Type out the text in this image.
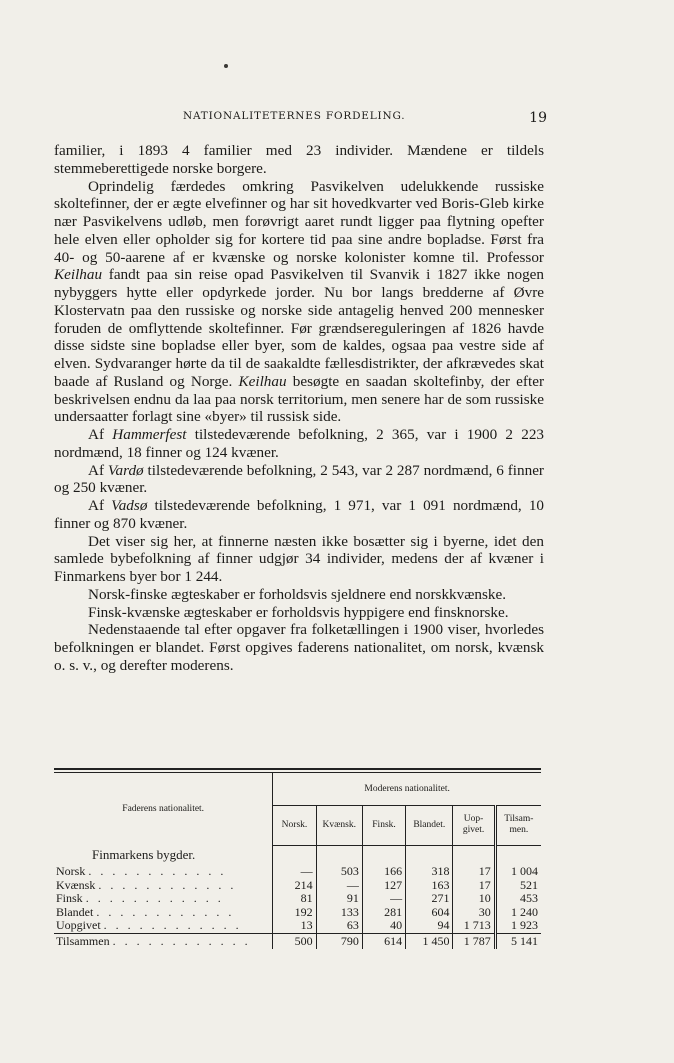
NATIONALITETERNES FORDELING.	19

familier, i 1893 4 familier med 23 individer. Mændene er tildels stemmeberettigede norske borgere.

Oprindelig færdedes omkring Pasvikelven udelukkende russiske skoltefinner, der er ægte elvefinner og har sit hovedkvarter ved Boris-Gleb kirke nær Pasvikelvens udløb, men forøvrigt aaret rundt ligger paa flytning opefter hele elven eller opholder sig for kortere tid paa sine andre bopladse. Først fra 40- og 50-aarene af er kvænske og norske kolonister komne til. Professor Keilhau fandt paa sin reise opad Pasvikelven til Svanvik i 1827 ikke nogen nybyggers hytte eller opdyrkede jorder. Nu bor langs bredderne af Øvre Klostervatn paa den russiske og norske side antagelig henved 200 mennesker foruden de omflyttende skoltefinner. Før grændsereguleringen af 1826 havde disse sidste sine bopladse eller byer, som de kaldes, ogsaa paa vestre side af elven. Sydvaranger hørte da til de saakaldte fællesdistrikter, der afkrævedes skat baade af Rusland og Norge. Keilhau besøgte en saadan skoltefinby, der efter beskrivelsen endnu da laa paa norsk territorium, men senere har de som russiske undersaatter forlagt sine «byer» til russisk side.

Af Hammerfest tilstedeværende befolkning, 2 365, var i 1900 2 223 nordmænd, 18 finner og 124 kvæner.

Af Vardø tilstedeværende befolkning, 2 543, var 2 287 nordmænd, 6 finner og 250 kvæner.

Af Vadsø tilstedeværende befolkning, 1 971, var 1 091 nordmænd, 10 finner og 870 kvæner.

Det viser sig her, at finnerne næsten ikke bosætter sig i byerne, idet den samlede bybefolkning af finner udgjør 34 individer, medens der af kvæner i Finmarkens byer bor 1 244.

Norsk-finske ægteskaber er forholdsvis sjeldnere end norskkvænske.

Finsk-kvænske ægteskaber er forholdsvis hyppigere end finsknorske.

Nedenstaaende tal efter opgaver fra folketællingen i 1900 viser, hvorledes befolkningen er blandet. Først opgives faderens nationalitet, om norsk, kvænsk o. s. v., og derefter moderens.

Faderens nationalitet.	Moderens nationalitet.					
	Norsk.	Kvænsk.	Finsk.	Blandet.	Uop-givet.	Tilsam-men.
Finmarkens bygder.						
Norsk . . . . . . . . . . . .	—	503	166	318	17	1 004
Kvænsk . . . . . . . . . . . .	214	—	127	163	17	521
Finsk . . . . . . . . . . . .	81	91	—	271	10	453
Blandet . . . . . . . . . . . .	192	133	281	604	30	1 240
Uopgivet . . . . . . . . . . . .	13	63	40	94	1 713	1 923
Tilsammen . . . . . . . . . . . .	500	790	614	1 450	1 787	5 141
